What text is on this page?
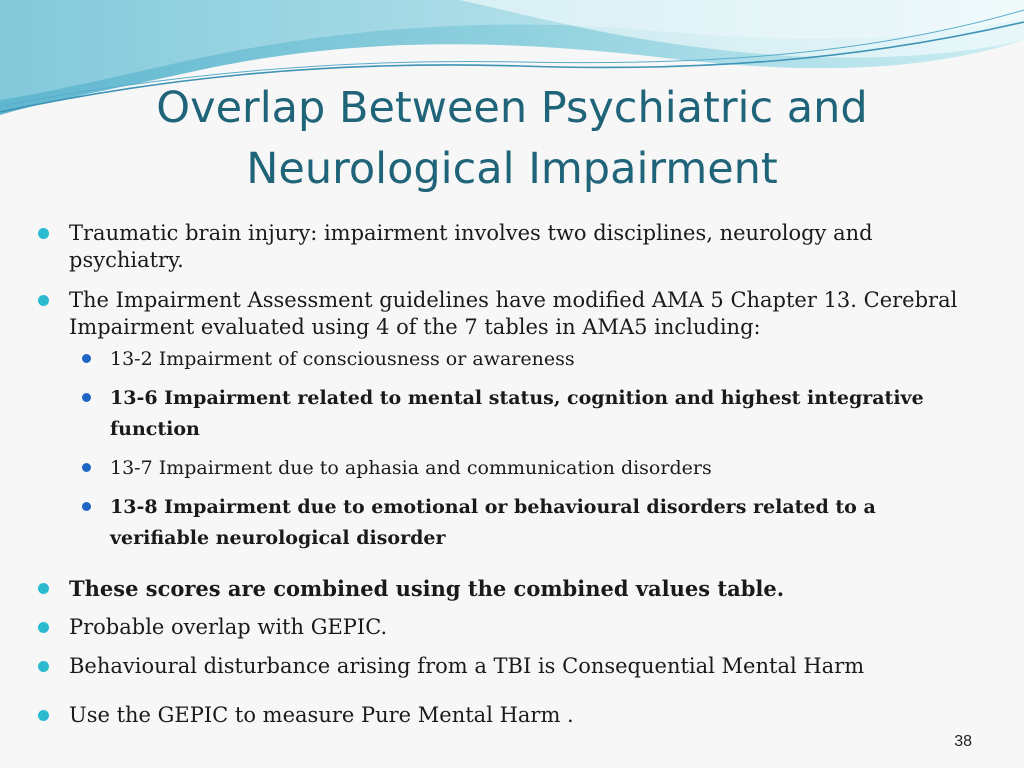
Overlap Between Psychiatric and
Neurological Impairment
Traumatic brain injury: impairment involves two disciplines, neurology and
psychiatry.
The Impairment Assessment guidelines have modified AMA 5 Chapter 13. Cerebral
Impairment evaluated using 4 of the 7 tables in AMA5 including:
13-2 Impairment of consciousness or awareness
13-6 Impairment related to mental status, cognition and highest integrative
function
13-7 Impairment due to aphasia and communication disorders
13-8 Impairment due to emotional or behavioural disorders related to a
verifiable neurological disorder
These scores are combined using the combined values table.
Probable overlap with GEPIC.
Behavioural disturbance arising from a TBI is Consequential Mental Harm
Use the GEPIC to measure Pure Mental Harm .
38
